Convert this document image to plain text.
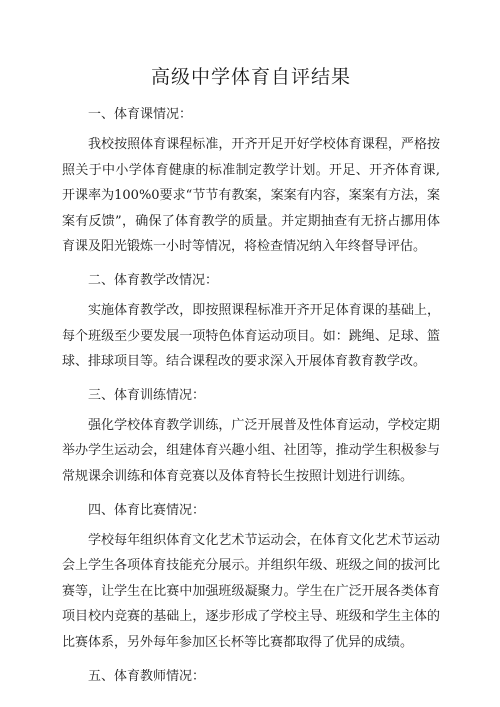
高级中学体育自评结果

一、体育课情况：

我校按照体育课程标准，开齐开足开好学校体育课程，严格按照关于中小学体育健康的标准制定教学计划。开足、开齐体育课,开课率为100%0要求“节节有教案，案案有内容，案案有方法，案案有反馈”，确保了体育教学的质量。并定期抽查有无挤占挪用体育课及阳光锻炼一小时等情况，将检查情况纳入年终督导评估。

二、体育教学改情况：

实施体育教学改，即按照课程标准开齐开足体育课的基础上，每个班级至少要发展一项特色体育运动项目。如：跳绳、足球、篮球、排球项目等。结合课程改的要求深入开展体育教育教学改。

三、体育训练情况：

强化学校体育教学训练，广泛开展普及性体育运动，学校定期举办学生运动会，组建体育兴趣小组、社团等，推动学生积极参与常规课余训练和体育竞赛以及体育特长生按照计划进行训练。

四、体育比赛情况：

学校每年组织体育文化艺术节运动会，在体育文化艺术节运动会上学生各项体育技能充分展示。并组织年级、班级之间的拔河比赛等，让学生在比赛中加强班级凝聚力。学生在广泛开展各类体育项目校内竞赛的基础上，逐步形成了学校主导、班级和学生主体的比赛体系，另外每年参加区长杯等比赛都取得了优异的成绩。

五、体育教师情况：
